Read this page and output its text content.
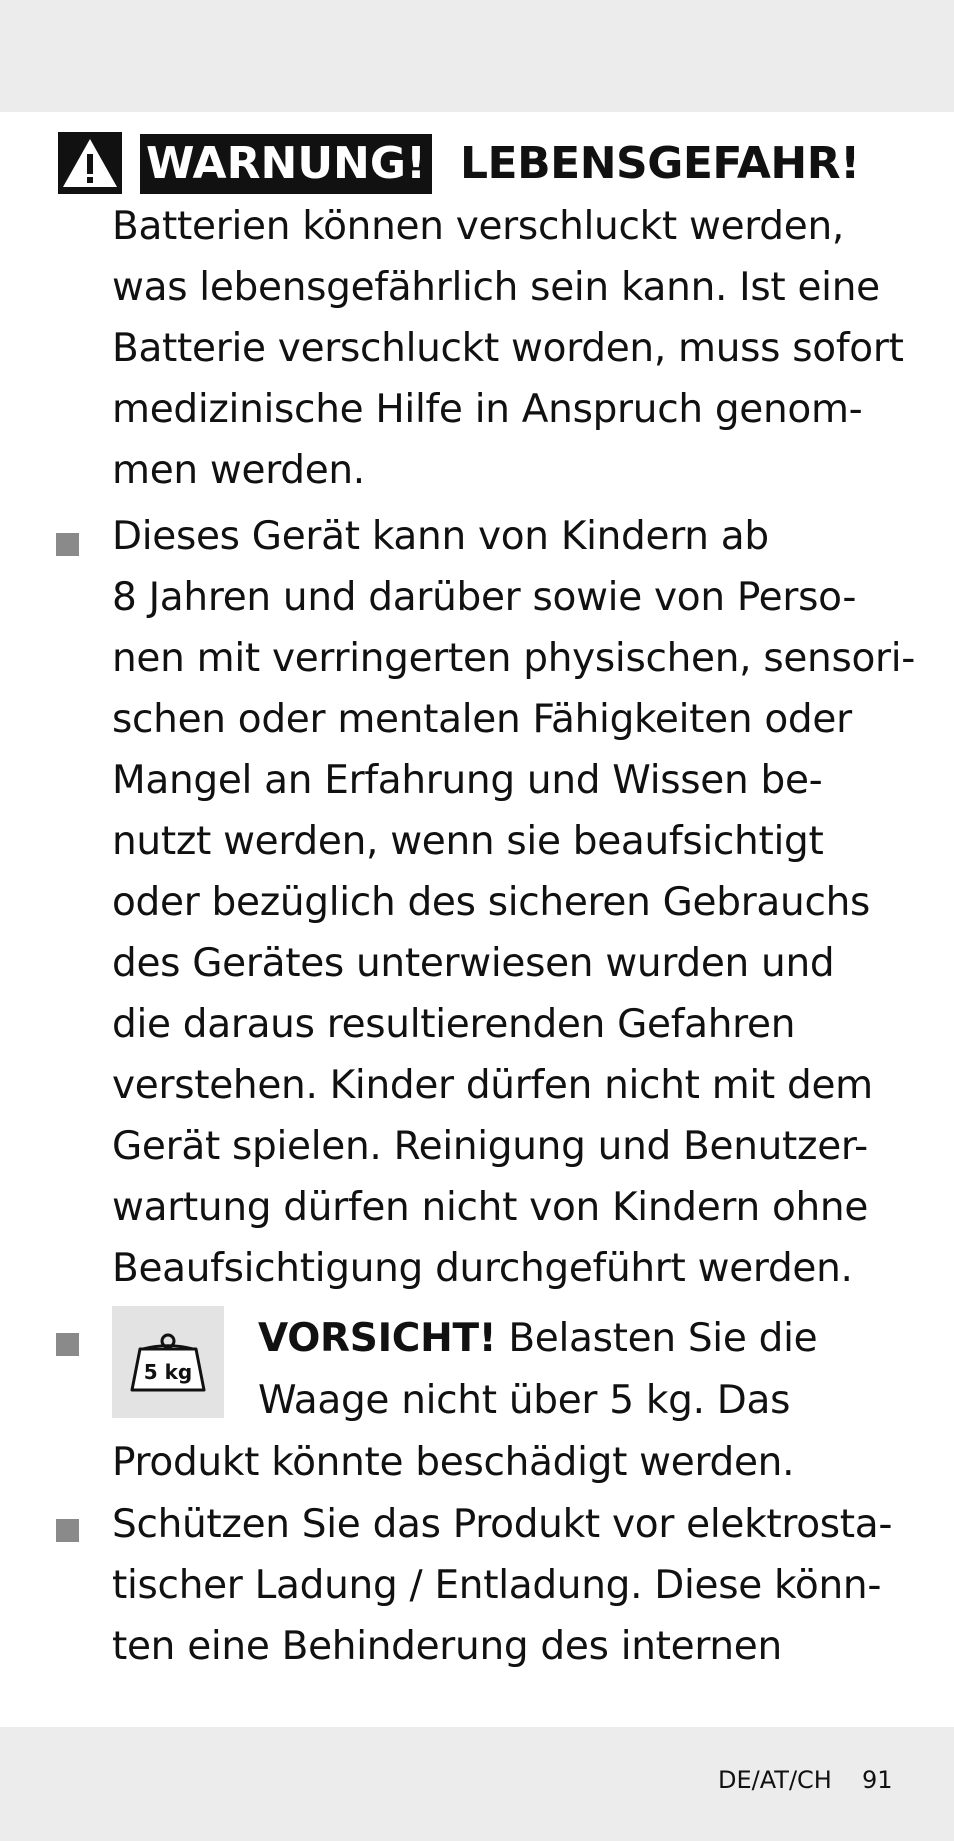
WARNUNG! LEBENSGEFAHR!
Batterien können verschluckt werden,
was lebensgefährlich sein kann. Ist eine
Batterie verschluckt worden, muss sofort
medizinische Hilfe in Anspruch genom-
men werden.
Dieses Gerät kann von Kindern ab
8 Jahren und darüber sowie von Perso-
nen mit verringerten physischen, sensori-
schen oder mentalen Fähigkeiten oder
Mangel an Erfahrung und Wissen be-
nutzt werden, wenn sie beaufsichtigt
oder bezüglich des sicheren Gebrauchs
des Gerätes unterwiesen wurden und
die daraus resultierenden Gefahren
verstehen. Kinder dürfen nicht mit dem
Gerät spielen. Reinigung und Benutzer-
wartung dürfen nicht von Kindern ohne
Beaufsichtigung durchgeführt werden.
5 kg
VORSICHT! Belasten Sie die
Waage nicht über 5 kg. Das
Produkt könnte beschädigt werden.
Schützen Sie das Produkt vor elektrosta-
tischer Ladung / Entladung. Diese könn-
ten eine Behinderung des internen
DE/AT/CH 91
